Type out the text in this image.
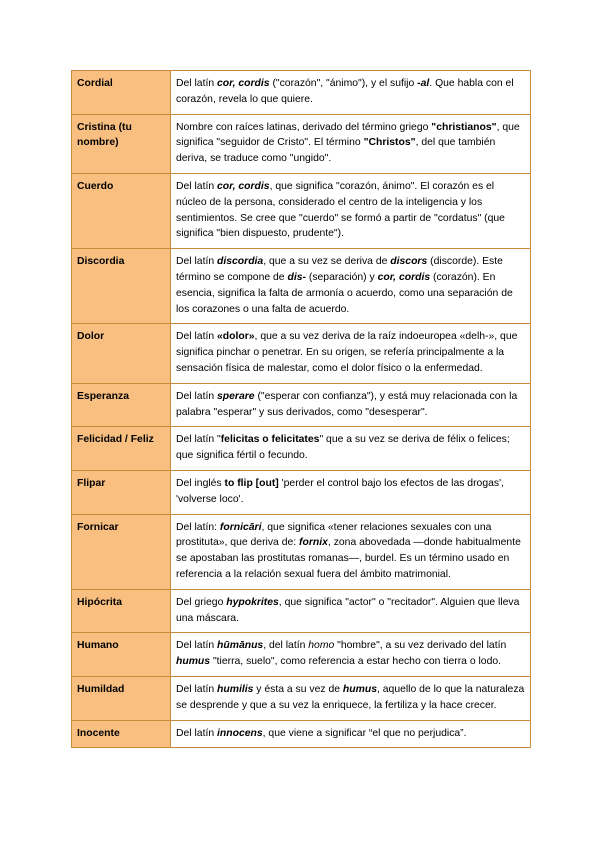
Cordial	Del latín cor, cordis ("corazón", "ánimo"), y el sufijo -al. Que habla con el corazón, revela lo que quiere.
Cristina (tu nombre)	Nombre con raíces latinas, derivado del término griego "christianos", que significa "seguidor de Cristo". El término "Christos", del que también deriva, se traduce como "ungido".
Cuerdo	Del latín cor, cordis, que significa "corazón, ánimo". El corazón es el núcleo de la persona, considerado el centro de la inteligencia y los sentimientos. Se cree que "cuerdo" se formó a partir de "cordatus" (que significa "bien dispuesto, prudente").
Discordia	Del latín discordia, que a su vez se deriva de discors (discorde). Este término se compone de dis- (separación) y cor, cordis (corazón). En esencia, significa la falta de armonía o acuerdo, como una separación de los corazones o una falta de acuerdo.
Dolor	Del latín «dolor», que a su vez deriva de la raíz indoeuropea «delh-», que significa pinchar o penetrar. En su origen, se refería principalmente a la sensación física de malestar, como el dolor físico o la enfermedad.
Esperanza	Del latín sperare ("esperar con confianza"), y está muy relacionada con la palabra "esperar" y sus derivados, como "desesperar".
Felicidad / Feliz	Del latín "felicitas o felicitates" que a su vez se deriva de félix o felices; que significa fértil o fecundo.
Flipar	Del inglés to flip [out] 'perder el control bajo los efectos de las drogas', 'volverse loco'.
Fornicar	Del latín: fornicāri, que significa «tener relaciones sexuales con una prostituta», que deriva de: fornix, zona abovedada —donde habitualmente se apostaban las prostitutas romanas—, burdel. Es un término usado en referencia a la relación sexual fuera del ámbito matrimonial.
Hipócrita	Del griego hypokrites, que significa "actor" o "recitador". Alguien que lleva una máscara.
Humano	Del latín hūmānus, del latín homo "hombre", a su vez derivado del latín humus "tierra, suelo", como referencia a estar hecho con tierra o lodo.
Humildad	Del latín humilis y ésta a su vez de humus, aquello de lo que la naturaleza se desprende y que a su vez la enriquece, la fertiliza y la hace crecer.
Inocente	Del latín innocens, que viene a significar “el que no perjudica”.
